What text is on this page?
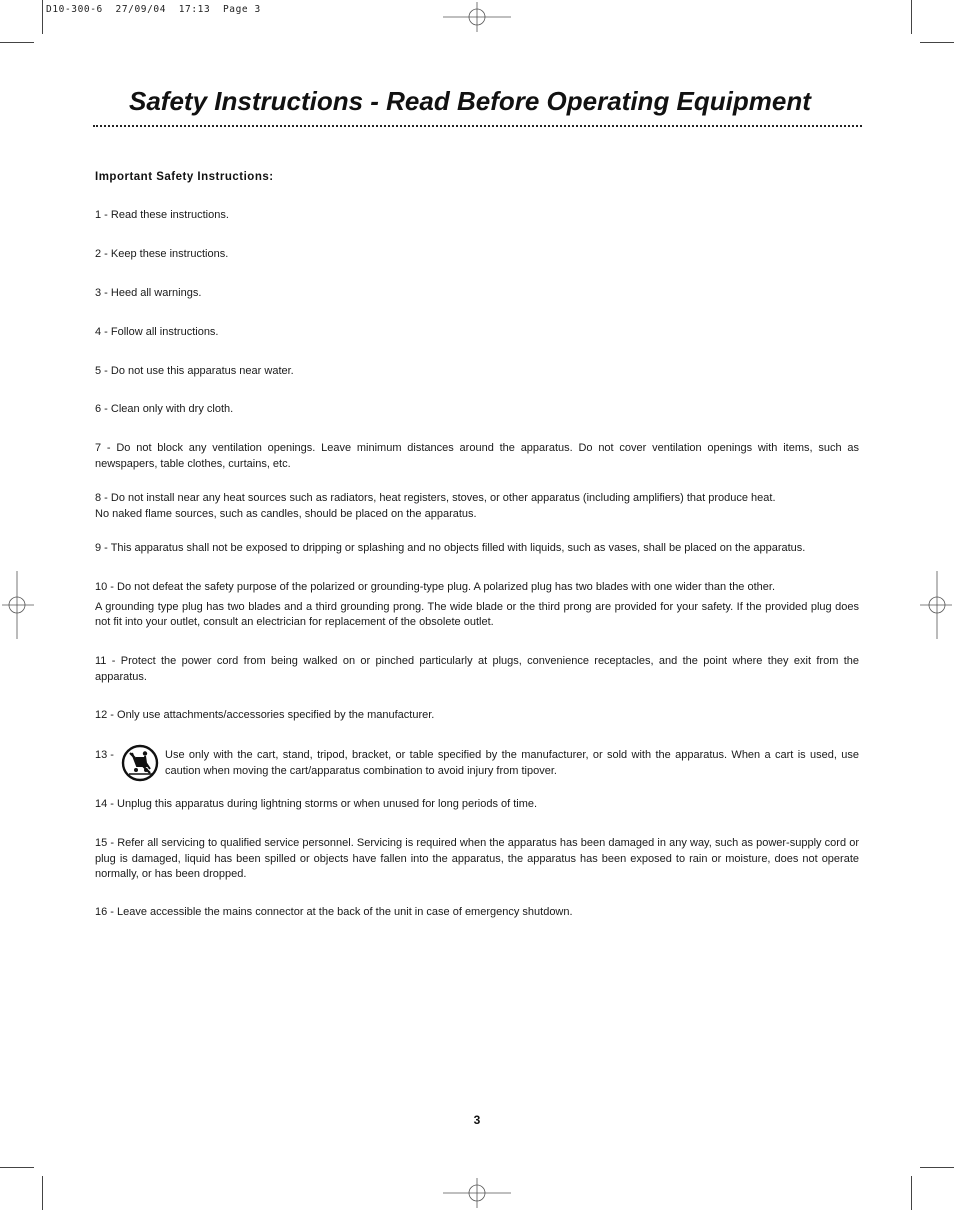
D10-300-6  27/09/04  17:13  Page 3
Safety Instructions - Read Before Operating Equipment
Important Safety Instructions:
1 - Read these instructions.
2 - Keep these instructions.
3 - Heed all warnings.
4 - Follow all instructions.
5 - Do not use this apparatus near water.
6 - Clean only with dry cloth.
7 - Do not block any ventilation openings. Leave minimum distances around the apparatus. Do not cover ventilation openings with items, such as newspapers, table clothes, curtains, etc.
8 - Do not install near any heat sources such as radiators, heat registers, stoves, or other apparatus (including amplifiers) that produce heat.
No naked flame sources, such as candles, should be placed on the apparatus.
9 - This apparatus shall not be exposed to dripping or splashing and no objects filled with liquids, such as vases, shall be placed on the apparatus.
10 - Do not defeat the safety purpose of the polarized or grounding-type plug. A polarized plug has two blades with one wider than the other.
A grounding type plug has two blades and a third grounding prong. The wide blade or the third prong are provided for your safety. If the provided plug does not fit into your outlet, consult an electrician for replacement of the obsolete outlet.
11 - Protect the power cord from being walked on or pinched particularly at plugs, convenience receptacles, and the point where they exit from the apparatus.
12 - Only use attachments/accessories specified by the manufacturer.
13 -	Use only with the cart, stand, tripod, bracket, or table specified by the manufacturer, or sold with the apparatus. When a cart is used, use caution when moving the cart/apparatus combination to avoid injury from tipover.
14 - Unplug this apparatus during lightning storms or when unused for long periods of time.
15 - Refer all servicing to qualified service personnel. Servicing is required when the apparatus has been damaged in any way, such as power-supply cord or plug is damaged, liquid has been spilled or objects have fallen into the apparatus, the apparatus has been exposed to rain or moisture, does not operate normally, or has been dropped.
16 - Leave accessible the mains connector at the back of the unit in case of emergency shutdown.
3
